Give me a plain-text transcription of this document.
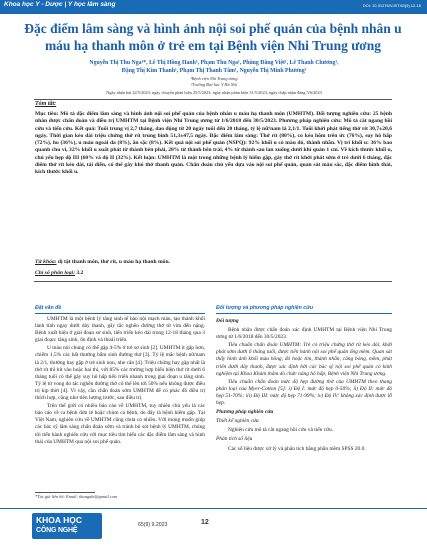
Khoa học Y - Dược | Y học lâm sàng	DOI: 10.31276/VJST.65(9).12-15
Đặc điểm lâm sàng và hình ảnh nội soi phế quản của bệnh nhân u máu hạ thanh môn ở trẻ em tại Bệnh viện Nhi Trung ương
Nguyễn Thị Thu Nga¹*, Lê Thị Hồng Hanh¹, Phạm Thu Nga¹, Phùng Đăng Việt¹, Lê Thanh Chương¹,
Đặng Thị Kim Thanh¹, Phạm Thị Thanh Tâm¹, Nguyễn Thị Minh Phương²
¹Bệnh viện Nhi Trung ương
²Trường Đại học Y Hà Nội
Ngày nhận bài 22/5/2023; ngày chuyển phản biện 25/5/2023; ngày nhận phản biện 31/5/2023; ngày chấp nhận đăng 5/6/2023
Tóm tắt:
Mục tiêu: Mô tả đặc điểm lâm sàng và hình ảnh nội soi phế quản của bệnh nhân u máu hạ thanh môn (UMHTM). Đối tượng nghiên cứu: 25 bệnh nhân được chẩn đoán và điều trị UMHTM tại Bệnh viện Nhi Trung ương từ 1/6/2018 đến 30/5/2023. Phương pháp nghiên cứu: Mô tả cắt ngang hồi cứu và tiến cứu. Kết quả: Tuổi trung vị 2,7 tháng, dao động từ 20 ngày tuổi đến 20 tháng, tỷ lệ nữ/nam là 2,1/1. Tuổi khởi phát tiếng thở rít 30,7±20,6 ngày. Thời gian kéo dài triệu chứng thở rít trung bình 51,3±47,5 ngày. Đặc điểm lâm sàng: Thở rít (80%), co kéo hõm trên ức (76%), suy hô hấp (72%), ho (36%), u máu ngoài da (8%), ăn sặc (8%). Kết quả nội soi phế quản (NSPQ): 92% khối u có màu đỏ, thành nhẵn. Vị trí khối u: 36% bao quanh chu vi, 32% khối u xuất phát từ thành bên phải, 28% từ thành bên trái, 4% từ thành sau lan xuống dưới khí quản 1 cm. Về kích thước khối u, chủ yếu hẹp độ III (60% và độ II (32%). Kết luận: UMHTM là một trong những bệnh lý hiếm gặp, gây thở rít khởi phát sớm ở trẻ dưới 6 tháng, đặc điểm thở rít kéo dài, tái diễn, có thể gây khó thở thanh quản. Chẩn đoán chủ yếu dựa vào nội soi phế quản, quan sát màu sắc, đặc điểm hình thái, kích thước khối u.
Từ khóa: dị tật thanh môn, thở rít, u máu hạ thanh môn.
Chỉ số phân loại: 3.2
Đặt vấn đề	Đối tượng và phương pháp nghiên cứu

UMHTM là một bệnh lý tăng sinh tế bào nội mạch máu, tạo thành khối lành tính ngay dưới dây thanh, gây tắc nghẽn đường thở từ vừa đến nặng. Bệnh xuất hiện ở giai đoạn sơ sinh, tiến triển kéo dài trong 12-18 tháng qua 3 giai đoạn: tăng sinh, ổn định và thoái triển.

U máu nói chung có thể gặp 4-5% ở trẻ sơ sinh [2]. UMHTM ít gặp hơn, chiếm 1,5% các bất thường bẩm sinh đường thở [3]. Tỷ lệ mắc bệnh nữ/nam là 2/1, thường hay gặp ở trẻ sinh non, nhe cân [4]. Triệu chứng hay gặp nhất là thở rít thì hít vào hoặc hai thì, với 85% các trường hợp biểu hiện thở rít dưới 6 tháng tuổi có thể gây suy hô hấp tiến triển nhanh trong giai đoạn u tăng sinh. Tỷ lệ tử vong do tắc nghẽn đường thở có thể lên tới 50% nếu không được điều trị kịp thời [4]. Vì vậy, cần chẩn đoán sớm UMHTM để có phác đồ điều trị thích hợp, cũng như tiên lượng trước, sau điều trị.

Trên thế giới có nhiều báo cáo về UMHTM, tuy nhiên chủ yếu là các báo cáo về ca bệnh đơn lẻ hoặc chùm ca bệnh, do đây là bệnh hiếm gặp. Tại Việt Nam, nghiên cứu về UMHTM cũng chưa có nhiều. Với mong muốn giúp các bác sỹ lâm sàng chẩn đoán sớm và tránh bỏ sót bệnh lý UMHTM, chúng tôi tiến hành nghiên cứu với mục tiêu tìm hiểu các đặc điểm lâm sàng và hình thái của UMHTM qua nội soi phế quản.

Đối tượng

Bệnh nhân được chẩn đoán xác định UMHTM tại Bệnh viện Nhi Trung ương từ 1/6/2018 đến 30/5/2023.

Tiêu chuẩn chẩn đoán UMHTM: Trẻ có triệu chứng thở rít kéo dài, khởi phát sớm dưới 6 tháng tuổi, được tiến hành nội soi phế quản ống mềm. Quan sát thấy hình ảnh khối màu hồng, đỏ hoặc tím, thành nhẵn, căng bóng, mềm, phát triển dưới dây thanh, được xác định bởi các bác sỹ nội soi phế quản có kinh nghiệm tại Khoa Khám thăm dò chức năng hô hấp, Bệnh viện Nhi Trung ương.

Tiêu chuẩn chẩn đoán mức độ hẹp đường thở của UMHTM theo thang phân loại của Myer-Cotton [5]: i) Độ I: mức độ hẹp 0-50%; ii) Độ II: mức độ hẹp 51-70%; iii) Độ III: mức độ hẹp 71-99%; iv) Độ IV: không xác định được lỗ hẹp.

Phương pháp nghiên cứu
Thiết kế nghiên cứu

Nghiên cứu mô tả cắt ngang hồi cứu và tiến cứu.

Phân tích số liệu

Các số liệu được xử lý và phân tích bằng phần mềm SPSS 20.0.

*Tác giả liên hệ: Email: thungabi@gmail.com
KHOA HỌC
CÔNG NGHỆ
65(9) 9.2023	12
